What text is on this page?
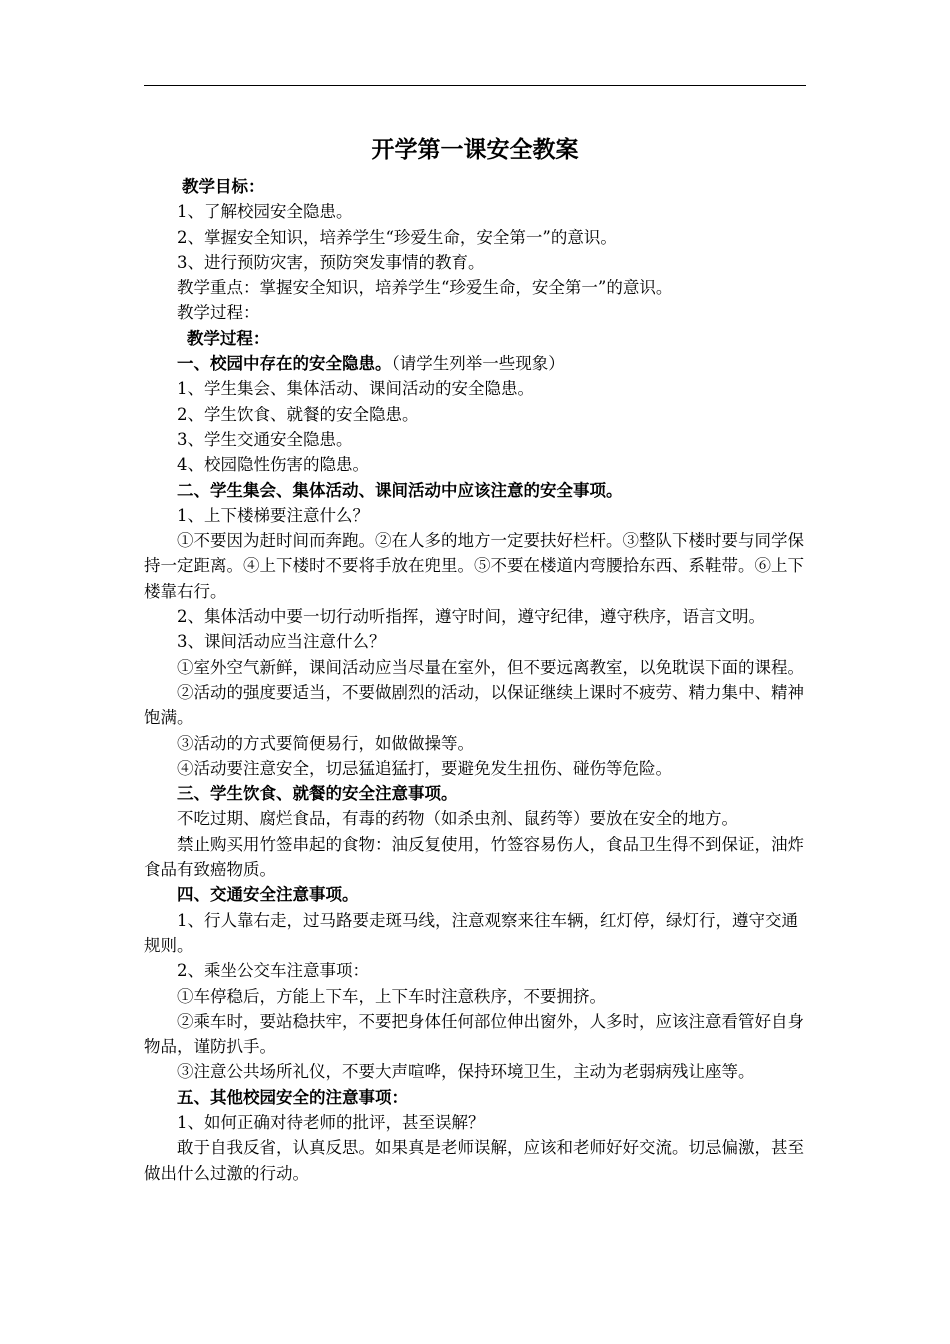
开学第一课安全教案

教学目标：

1、了解校园安全隐患。

2、掌握安全知识，培养学生“珍爱生命，安全第一”的意识。

3、进行预防灾害，预防突发事情的教育。

教学重点：掌握安全知识，培养学生“珍爱生命，安全第一”的意识。

教学过程：

教学过程：

一、校园中存在的安全隐患。（请学生列举一些现象）

1、学生集会、集体活动、课间活动的安全隐患。

2、学生饮食、就餐的安全隐患。

3、学生交通安全隐患。

4、校园隐性伤害的隐患。

二、学生集会、集体活动、课间活动中应该注意的安全事项。

1、上下楼梯要注意什么？

①不要因为赶时间而奔跑。②在人多的地方一定要扶好栏杆。③整队下楼时要与同学保持一定距离。④上下楼时不要将手放在兜里。⑤不要在楼道内弯腰拾东西、系鞋带。⑥上下楼靠右行。

2、集体活动中要一切行动听指挥，遵守时间，遵守纪律，遵守秩序，语言文明。

3、课间活动应当注意什么？

①室外空气新鲜，课间活动应当尽量在室外，但不要远离教室，以免耽误下面的课程。

②活动的强度要适当，不要做剧烈的活动，以保证继续上课时不疲劳、精力集中、精神饱满。

③活动的方式要简便易行，如做做操等。

④活动要注意安全，切忌猛追猛打，要避免发生扭伤、碰伤等危险。

三、学生饮食、就餐的安全注意事项。

不吃过期、腐烂食品，有毒的药物（如杀虫剂、鼠药等）要放在安全的地方。

禁止购买用竹签串起的食物：油反复使用，竹签容易伤人，食品卫生得不到保证，油炸食品有致癌物质。

四、交通安全注意事项。

1、行人靠右走，过马路要走斑马线，注意观察来往车辆，红灯停，绿灯行，遵守交通规则。

2、乘坐公交车注意事项：

①车停稳后，方能上下车，上下车时注意秩序，不要拥挤。

②乘车时，要站稳扶牢，不要把身体任何部位伸出窗外，人多时，应该注意看管好自身物品，谨防扒手。

③注意公共场所礼仪，不要大声喧哗，保持环境卫生，主动为老弱病残让座等。

五、其他校园安全的注意事项：

1、如何正确对待老师的批评，甚至误解？

敢于自我反省，认真反思。如果真是老师误解，应该和老师好好交流。切忌偏激，甚至做出什么过激的行动。
